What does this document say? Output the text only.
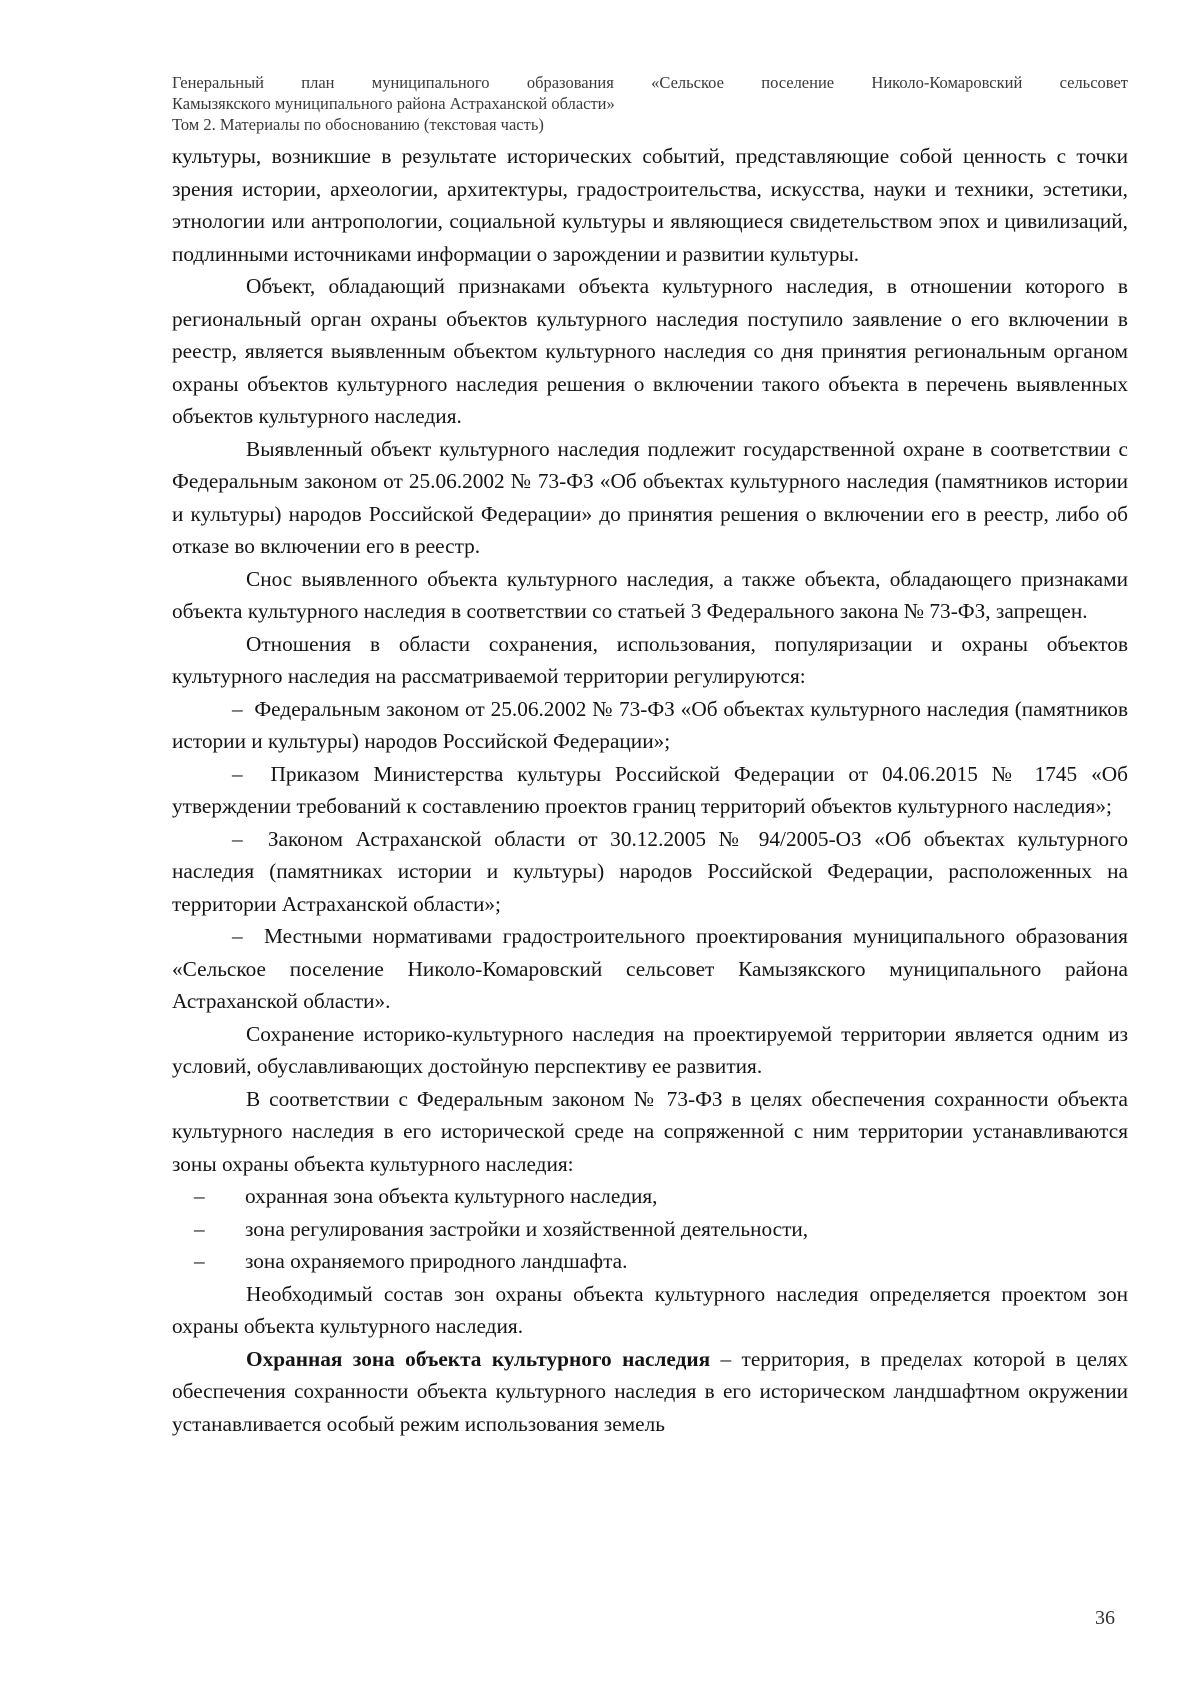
Генеральный план муниципального образования «Сельское поселение Николо-Комаровский сельсовет
Камызякского муниципального района Астраханской области»
Том 2. Материалы по обоснованию (текстовая часть)

культуры, возникшие в результате исторических событий, представляющие собой ценность с точки зрения истории, археологии, архитектуры, градостроительства, искусства, науки и техники, эстетики, этнологии или антропологии, социальной культуры и являющиеся свидетельством эпох и цивилизаций, подлинными источниками информации о зарождении и развитии культуры.

Объект, обладающий признаками объекта культурного наследия, в отношении которого в региональный орган охраны объектов культурного наследия поступило заявление о его включении в реестр, является выявленным объектом культурного наследия со дня принятия региональным органом охраны объектов культурного наследия решения о включении такого объекта в перечень выявленных объектов культурного наследия.

Выявленный объект культурного наследия подлежит государственной охране в соответствии с Федеральным законом от 25.06.2002 № 73-ФЗ «Об объектах культурного наследия (памятников истории и культуры) народов Российской Федерации» до принятия решения о включении его в реестр, либо об отказе во включении его в реестр.

Снос выявленного объекта культурного наследия, а также объекта, обладающего признаками объекта культурного наследия в соответствии со статьей 3 Федерального закона № 73-ФЗ, запрещен.

Отношения в области сохранения, использования, популяризации и охраны объектов культурного наследия на рассматриваемой территории регулируются:

– Федеральным законом от 25.06.2002 № 73-ФЗ «Об объектах культурного наследия (памятников истории и культуры) народов Российской Федерации»;

– Приказом Министерства культуры Российской Федерации от 04.06.2015 № 1745 «Об утверждении требований к составлению проектов границ территорий объектов культурного наследия»;

– Законом Астраханской области от 30.12.2005 № 94/2005-ОЗ «Об объектах культурного наследия (памятниках истории и культуры) народов Российской Федерации, расположенных на территории Астраханской области»;

– Местными нормативами градостроительного проектирования муниципального образования «Сельское поселение Николо-Комаровский сельсовет Камызякского муниципального района Астраханской области».

Сохранение историко-культурного наследия на проектируемой территории является одним из условий, обуславливающих достойную перспективу ее развития.

В соответствии с Федеральным законом № 73-ФЗ в целях обеспечения сохранности объекта культурного наследия в его исторической среде на сопряженной с ним территории устанавливаются зоны охраны объекта культурного наследия:

– охранная зона объекта культурного наследия,

– зона регулирования застройки и хозяйственной деятельности,

– зона охраняемого природного ландшафта.

Необходимый состав зон охраны объекта культурного наследия определяется проектом зон охраны объекта культурного наследия.

Охранная зона объекта культурного наследия – территория, в пределах которой в целях обеспечения сохранности объекта культурного наследия в его историческом ландшафтном окружении устанавливается особый режим использования земель

36
